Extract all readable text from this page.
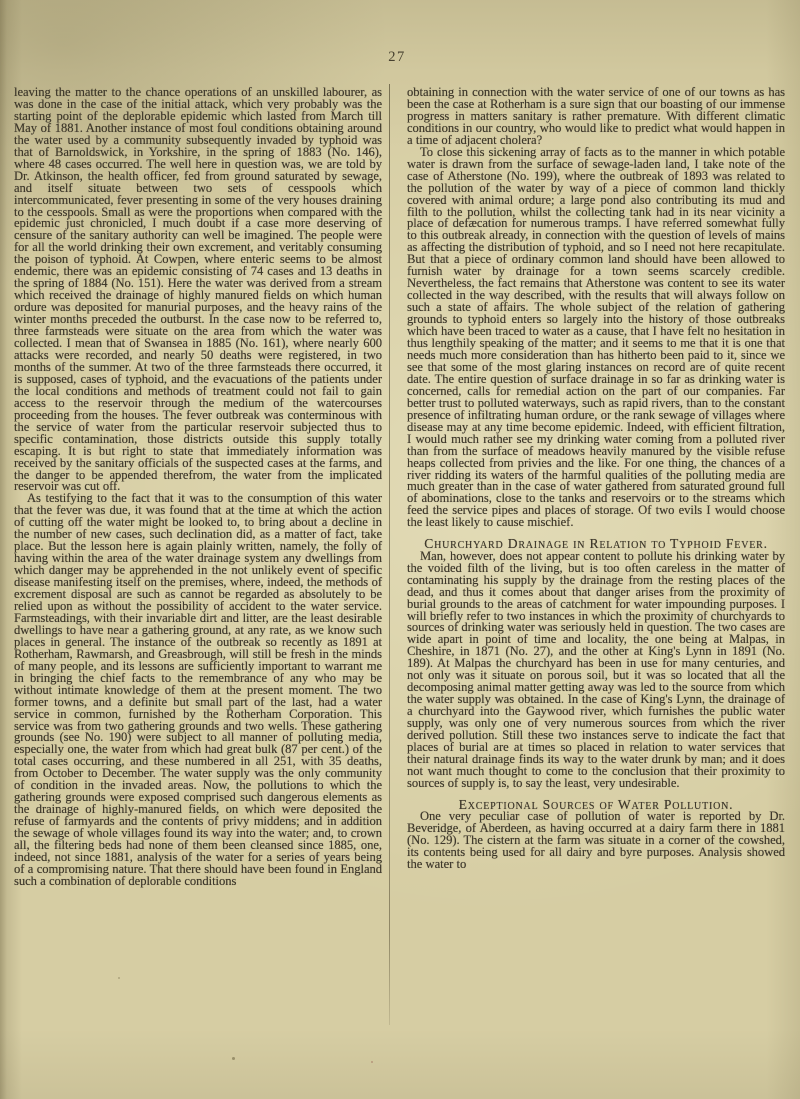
27

leaving the matter to the chance operations of an unskilled labourer, as was done in the case of the initial attack, which very probably was the starting point of the deplorable epidemic which lasted from March till May of 1881. Another instance of most foul conditions obtaining around the water used by a community subsequently invaded by typhoid was that of Barnoldswick, in Yorkshire, in the spring of 1883 (No. 146), where 48 cases occurred. The well here in question was, we are told by Dr. Atkinson, the health officer, fed from ground saturated by sewage, and itself situate between two sets of cesspools which intercommunicated, fever presenting in some of the very houses draining to the cesspools. Small as were the proportions when compared with the epidemic just chronicled, I much doubt if a case more deserving of censure of the sanitary authority can well be imagined. The people were for all the world drinking their own excrement, and veritably consuming the poison of typhoid. At Cowpen, where enteric seems to be almost endemic, there was an epidemic consisting of 74 cases and 13 deaths in the spring of 1884 (No. 151). Here the water was derived from a stream which received the drainage of highly manured fields on which human ordure was deposited for manurial purposes, and the heavy rains of the winter months preceded the outburst. In the case now to be referred to, three farmsteads were situate on the area from which the water was collected. I mean that of Swansea in 1885 (No. 161), where nearly 600 attacks were recorded, and nearly 50 deaths were registered, in two months of the summer. At two of the three farmsteads there occurred, it is supposed, cases of typhoid, and the evacuations of the patients under the local conditions and methods of treatment could not fail to gain access to the reservoir through the medium of the watercourses proceeding from the houses. The fever outbreak was conterminous with the service of water from the particular reservoir subjected thus to specific contamination, those districts outside this supply totally escaping. It is but right to state that immediately information was received by the sanitary officials of the suspected cases at the farms, and the danger to be appended therefrom, the water from the implicated reservoir was cut off.

As testifying to the fact that it was to the consumption of this water that the fever was due, it was found that at the time at which the action of cutting off the water might be looked to, to bring about a decline in the number of new cases, such declination did, as a matter of fact, take place. But the lesson here is again plainly written, namely, the folly of having within the area of the water drainage system any dwellings from which danger may be apprehended in the not unlikely event of specific disease manifesting itself on the premises, where, indeed, the methods of excrement disposal are such as cannot be regarded as absolutely to be relied upon as without the possibility of accident to the water service. Farmsteadings, with their invariable dirt and litter, are the least desirable dwellings to have near a gathering ground, at any rate, as we know such places in general. The instance of the outbreak so recently as 1891 at Rotherham, Rawmarsh, and Greasbrough, will still be fresh in the minds of many people, and its lessons are sufficiently important to warrant me in bringing the chief facts to the remembrance of any who may be without intimate knowledge of them at the present moment. The two former towns, and a definite but small part of the last, had a water service in common, furnished by the Rotherham Corporation. This service was from two gathering grounds and two wells. These gathering grounds (see No. 190) were subject to all manner of polluting media, especially one, the water from which had great bulk (87 per cent.) of the total cases occurring, and these numbered in all 251, with 35 deaths, from October to December. The water supply was the only community of condition in the invaded areas. Now, the pollutions to which the gathering grounds were exposed comprised such dangerous elements as the drainage of highly-manured fields, on which were deposited the refuse of farmyards and the contents of privy middens; and in addition the sewage of whole villages found its way into the water; and, to crown all, the filtering beds had none of them been cleansed since 1885, one, indeed, not since 1881, analysis of the water for a series of years being of a compromising nature. That there should have been found in England such a combination of deplorable conditions

obtaining in connection with the water service of one of our towns as has been the case at Rotherham is a sure sign that our boasting of our immense progress in matters sanitary is rather premature. With different climatic conditions in our country, who would like to predict what would happen in a time of adjacent cholera?

To close this sickening array of facts as to the manner in which potable water is drawn from the surface of sewage-laden land, I take note of the case of Atherstone (No. 199), where the outbreak of 1893 was related to the pollution of the water by way of a piece of common land thickly covered with animal ordure; a large pond also contributing its mud and filth to the pollution, whilst the collecting tank had in its near vicinity a place of defæcation for numerous tramps. I have referred somewhat fully to this outbreak already, in connection with the question of levels of mains as affecting the distribution of typhoid, and so I need not here recapitulate. But that a piece of ordinary common land should have been allowed to furnish water by drainage for a town seems scarcely credible. Nevertheless, the fact remains that Atherstone was content to see its water collected in the way described, with the results that will always follow on such a state of affairs. The whole subject of the relation of gathering grounds to typhoid enters so largely into the history of those outbreaks which have been traced to water as a cause, that I have felt no hesitation in thus lengthily speaking of the matter; and it seems to me that it is one that needs much more consideration than has hitherto been paid to it, since we see that some of the most glaring instances on record are of quite recent date. The entire question of surface drainage in so far as drinking water is concerned, calls for remedial action on the part of our companies. Far better trust to polluted waterways, such as rapid rivers, than to the constant presence of infiltrating human ordure, or the rank sewage of villages where disease may at any time become epidemic. Indeed, with efficient filtration, I would much rather see my drinking water coming from a polluted river than from the surface of meadows heavily manured by the visible refuse heaps collected from privies and the like. For one thing, the chances of a river ridding its waters of the harmful qualities of the polluting media are much greater than in the case of water gathered from saturated ground full of abominations, close to the tanks and reservoirs or to the streams which feed the service pipes and places of storage. Of two evils I would choose the least likely to cause mischief.

Churchyard Drainage in Relation to Typhoid Fever.

Man, however, does not appear content to pollute his drinking water by the voided filth of the living, but is too often careless in the matter of contaminating his supply by the drainage from the resting places of the dead, and thus it comes about that danger arises from the proximity of burial grounds to the areas of catchment for water impounding purposes. I will briefly refer to two instances in which the proximity of churchyards to sources of drinking water was seriously held in question. The two cases are wide apart in point of time and locality, the one being at Malpas, in Cheshire, in 1871 (No. 27), and the other at King's Lynn in 1891 (No. 189). At Malpas the churchyard has been in use for many centuries, and not only was it situate on porous soil, but it was so located that all the decomposing animal matter getting away was led to the source from which the water supply was obtained. In the case of King's Lynn, the drainage of a churchyard into the Gaywood river, which furnishes the public water supply, was only one of very numerous sources from which the river derived pollution. Still these two instances serve to indicate the fact that places of burial are at times so placed in relation to water services that their natural drainage finds its way to the water drunk by man; and it does not want much thought to come to the conclusion that their proximity to sources of supply is, to say the least, very undesirable.

Exceptional Sources of Water Pollution.

One very peculiar case of pollution of water is reported by Dr. Beveridge, of Aberdeen, as having occurred at a dairy farm there in 1881 (No. 129). The cistern at the farm was situate in a corner of the cowshed, its contents being used for all dairy and byre purposes. Analysis showed the water to
